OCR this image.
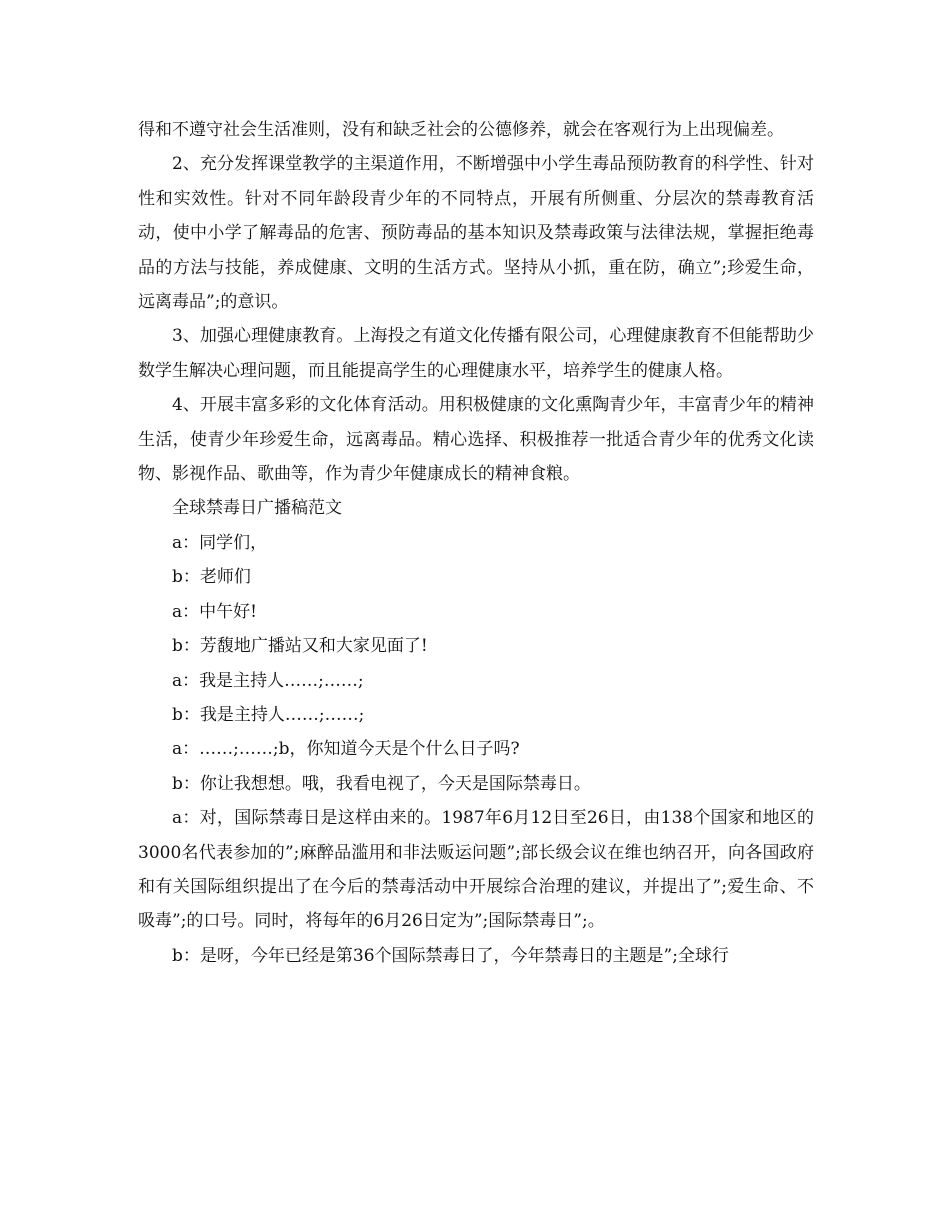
得和不遵守社会生活准则，没有和缺乏社会的公德修养，就会在客观行为上出现偏差。

2、充分发挥课堂教学的主渠道作用，不断增强中小学生毒品预防教育的科学性、针对性和实效性。针对不同年龄段青少年的不同特点，开展有所侧重、分层次的禁毒教育活动，使中小学了解毒品的危害、预防毒品的基本知识及禁毒政策与法律法规，掌握拒绝毒品的方法与技能，养成健康、文明的生活方式。坚持从小抓，重在防，确立”;珍爱生命，远离毒品”;的意识。

3、加强心理健康教育。上海投之有道文化传播有限公司，心理健康教育不但能帮助少数学生解决心理问题，而且能提高学生的心理健康水平，培养学生的健康人格。

4、开展丰富多彩的文化体育活动。用积极健康的文化熏陶青少年，丰富青少年的精神生活，使青少年珍爱生命，远离毒品。精心选择、积极推荐一批适合青少年的优秀文化读物、影视作品、歌曲等，作为青少年健康成长的精神食粮。

全球禁毒日广播稿范文

a：同学们，

b：老师们

a：中午好!

b：芳馥地广播站又和大家见面了!

a：我是主持人……;……;

b：我是主持人……;……;

a：……;……;b，你知道今天是个什么日子吗?

b：你让我想想。哦，我看电视了，今天是国际禁毒日。

a：对，国际禁毒日是这样由来的。1987年6月12日至26日，由138个国家和地区的3000名代表参加的”;麻醉品滥用和非法贩运问题”;部长级会议在维也纳召开，向各国政府和有关国际组织提出了在今后的禁毒活动中开展综合治理的建议，并提出了”;爱生命、不吸毒”;的口号。同时，将每年的6月26日定为”;国际禁毒日”;。

b：是呀，今年已经是第36个国际禁毒日了，今年禁毒日的主题是”;全球行
